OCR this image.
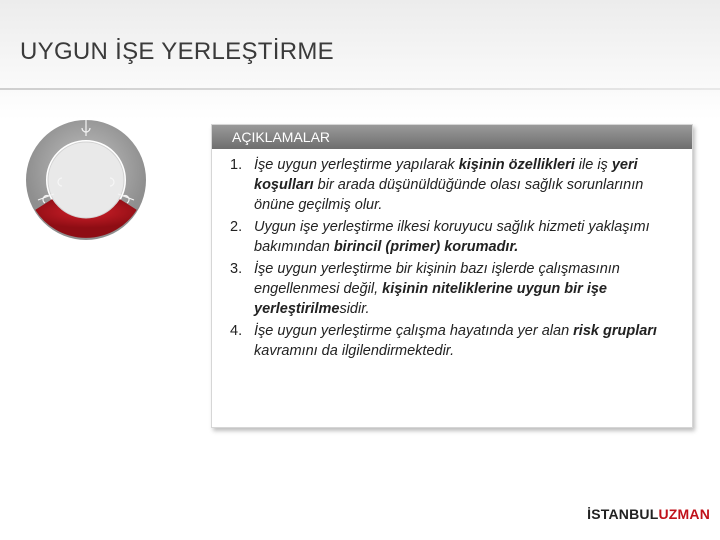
UYGUN İŞE YERLEŞTİRME
AÇIKLAMALAR
1. İşe uygun yerleştirme yapılarak kişinin özellikleri ile iş yeri koşulları bir arada düşünüldüğünde olası sağlık sorunlarının önüne geçilmiş olur.
2. Uygun işe yerleştirme ilkesi koruyucu sağlık hizmeti yaklaşımı bakımından birincil (primer) korumadır.
3. İşe uygun yerleştirme bir kişinin bazı işlerde çalışmasının engellenmesi değil, kişinin niteliklerine uygun bir işe yerleştirilmesidir.
4. İşe uygun yerleştirme çalışma hayatında yer alan risk grupları kavramını da ilgilendirmektedir.
İSTANBULUZMAN
